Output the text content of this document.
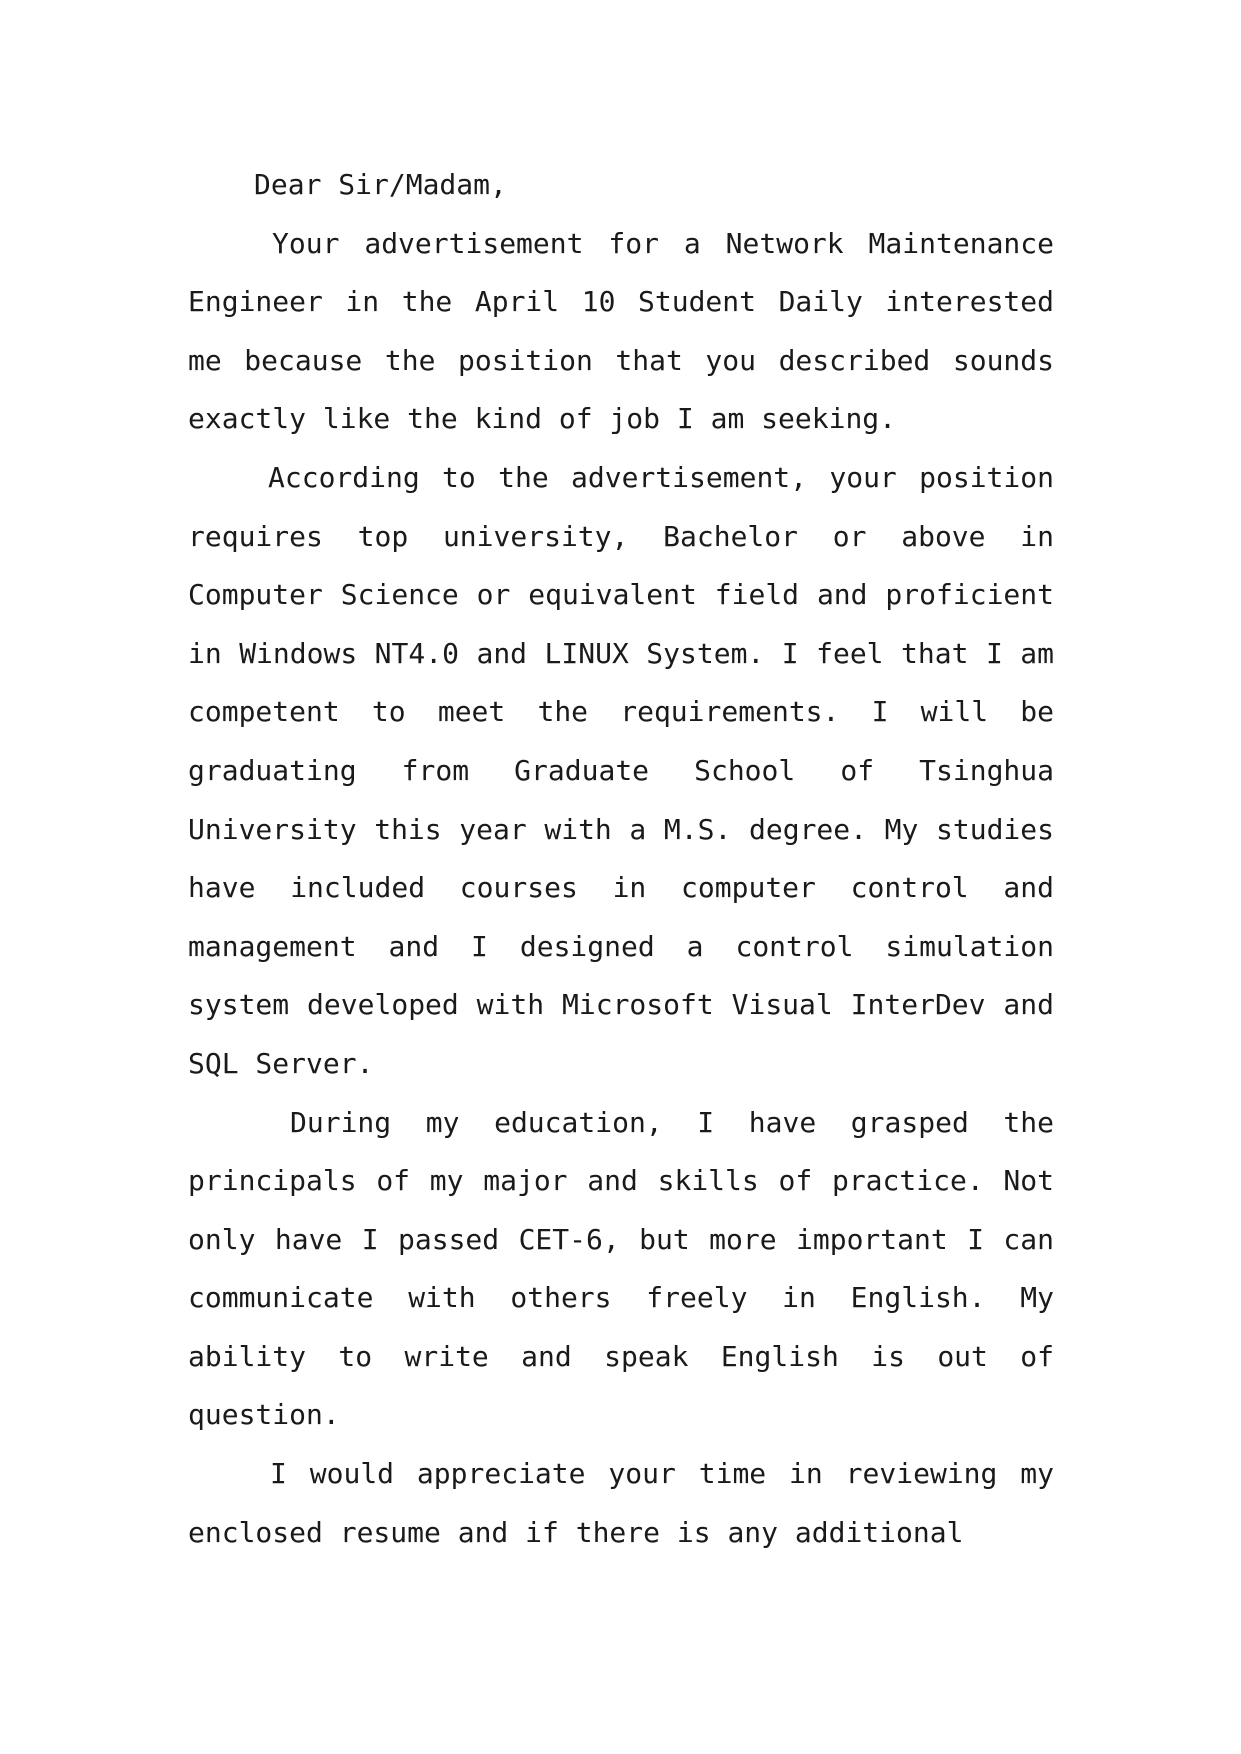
Dear Sir/Madam,

Your advertisement for a Network Maintenance Engineer in the April 10 Student Daily interested me because the position that you described sounds exactly like the kind of job I am seeking.

According to the advertisement, your position requires top university, Bachelor or above in Computer Science or equivalent field and proficient in Windows NT4.0 and LINUX System. I feel that I am competent to meet the requirements. I will be graduating from Graduate School of Tsinghua University this year with a M.S. degree. My studies have included courses in computer control and management and I designed a control simulation system developed with Microsoft Visual InterDev and SQL Server.

During my education, I have grasped the principals of my major and skills of practice. Not only have I passed CET-6, but more important I can communicate with others freely in English. My ability to write and speak English is out of question.

I would appreciate your time in reviewing my enclosed resume and if there is any additional
